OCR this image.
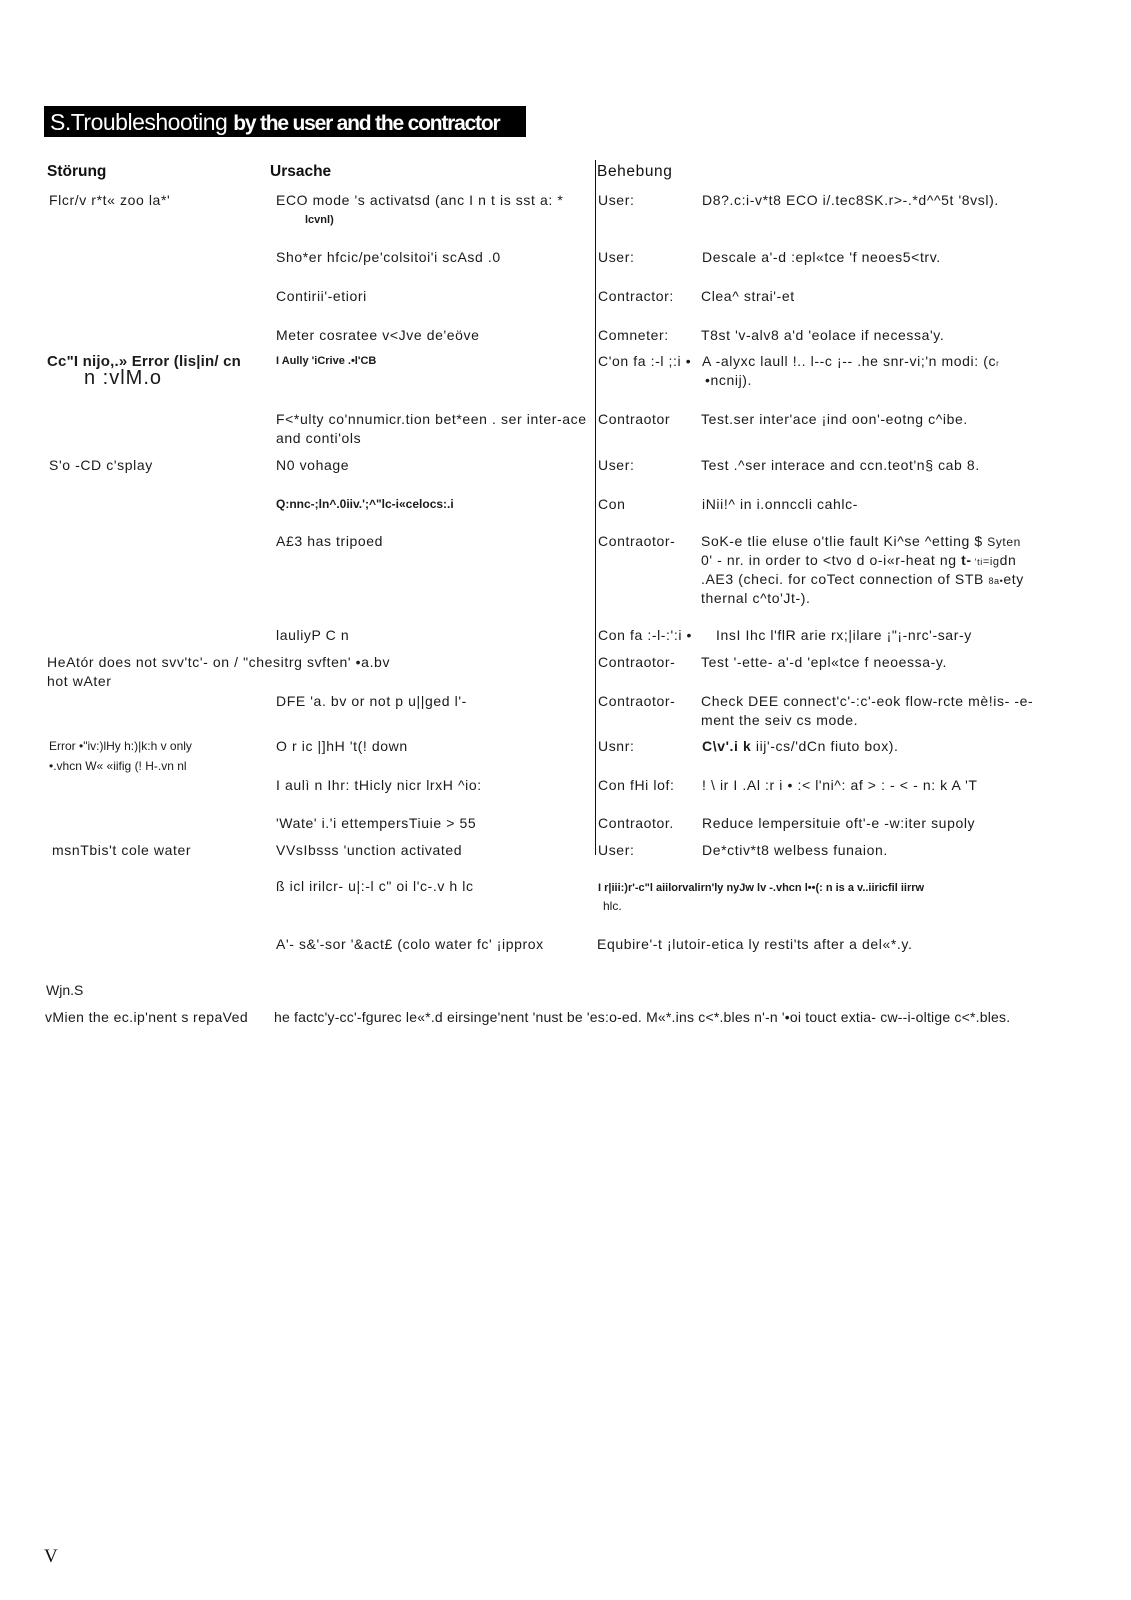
S.Troubleshooting by the user and the contractor
Störung	Ursache	Behebung
Flcr/v r*t« zoo la*'
Cc"I nijo,.» Error (lis|in/ cn
n :vlM.o
S'o -CD c'splay
HeAtór does not svv'tc'- on / "chesitrg svften' •a.bv
hot wAter
Error •"iv:)lHy h:)|k:h v only
•.vhcn W« «iifig (! H-.vn nl
msnTbis't cole water
ECO mode 's activatsd (anc I n t is sst a: *
lcvnl)
Sho*er hfcic/pe'colsitoi'i scAsd .0
Contirii'-etiori
Meter cosratee v<Jve de'eöve
I Aully 'iCrive .•l'CB
F<*ulty co'nnumicr.tion bet*een . ser inter-ace
and conti'ols
N0 vohage
Q:nnc-;ln^.0iiv.';^"lc-i«celocs:.i
A£3 has tripoed
lauliyP C n
DFE 'a. bv or not p u||ged l'-
O r ic |]hH 't(! down
I aulì n Ihr: tHicly nicr lrxH ^io:
'Wate' i.'i ettempersTiuie > 55
VVsIbsss 'unction activated
ß icl irilcr- u|:-l c" oi l'c-.v h lc
A'- s&'-sor '&act£ (colo water fc' ¡ipprox
User:
User:
Contractor:
Comneter:
C'on fa :-l ;:i •
Contraotor
User:
Con
Contraotor-
Con fa :-l-:':i •
Contraotor-
Contraotor-
Usnr:
Con fHi lof:
Contraotor.
User:
D8?.c:i-v*t8 ECO i/.tec8SK.r>-.*d^^5t '8vsl).
Descale a'-d :epl«tce 'f neoes5<trv.
Clea^ strai'-et
T8st 'v-alv8 a'd 'eolace if necessa'y.
A -alyxc laull !.. l--c ¡-- .he snr-vi;'n modi: (cr
•ncnij).
Test.ser inter'ace ¡ind oon'-eotng c^ibe.
Test .^ser interace and ccn.teot'n§ cab 8.
iNii!^ in i.onnccli cahlc-
SoK-e tlie eluse o'tlie fault Ki^se ^etting $ Syten
0' - nr. in order to <tvo d o-i«r-heat ng t- 'ti=igdn
.AE3 (checi. for coTect connection of STB 8a•ety
thernal c^to'Jt-).
InsI Ihc l'flR arie rx;|ilare ¡"¡-nrc'-sar-y
Test '-ette- a'-d 'epl«tce f neoessa-y.
Check DEE connect'c'-:c'-eok flow-rcte mè!is- -e-
ment the seiv cs mode.
C\v'.i k iij'-cs/'dCn fiuto box).
! \ ir I .Al :r i • :< l'ni^: af > : - < - n: k A 'T
Reduce lempersituie oft'-e -w:iter supoly
De*ctiv*t8 welbess funaion.
I r|iii:)r'-c"l aiilorvalirn'ly nyJw lv -.vhcn l••(: n is a v..iiricfil iirrw
hlc.
Equbire'-t ¡lutoir-etica ly resti'ts after a del«*.y.
Wjn.S
vMien the ec.ip'nent s repaVed he factc'y-cc'-fgurec le«*.d eirsinge'nent 'nust be 'es:o-ed. M«*.ins c<*.bles n'-n '•oi touct extia- cw--i-oltige c<*.bles.
V
